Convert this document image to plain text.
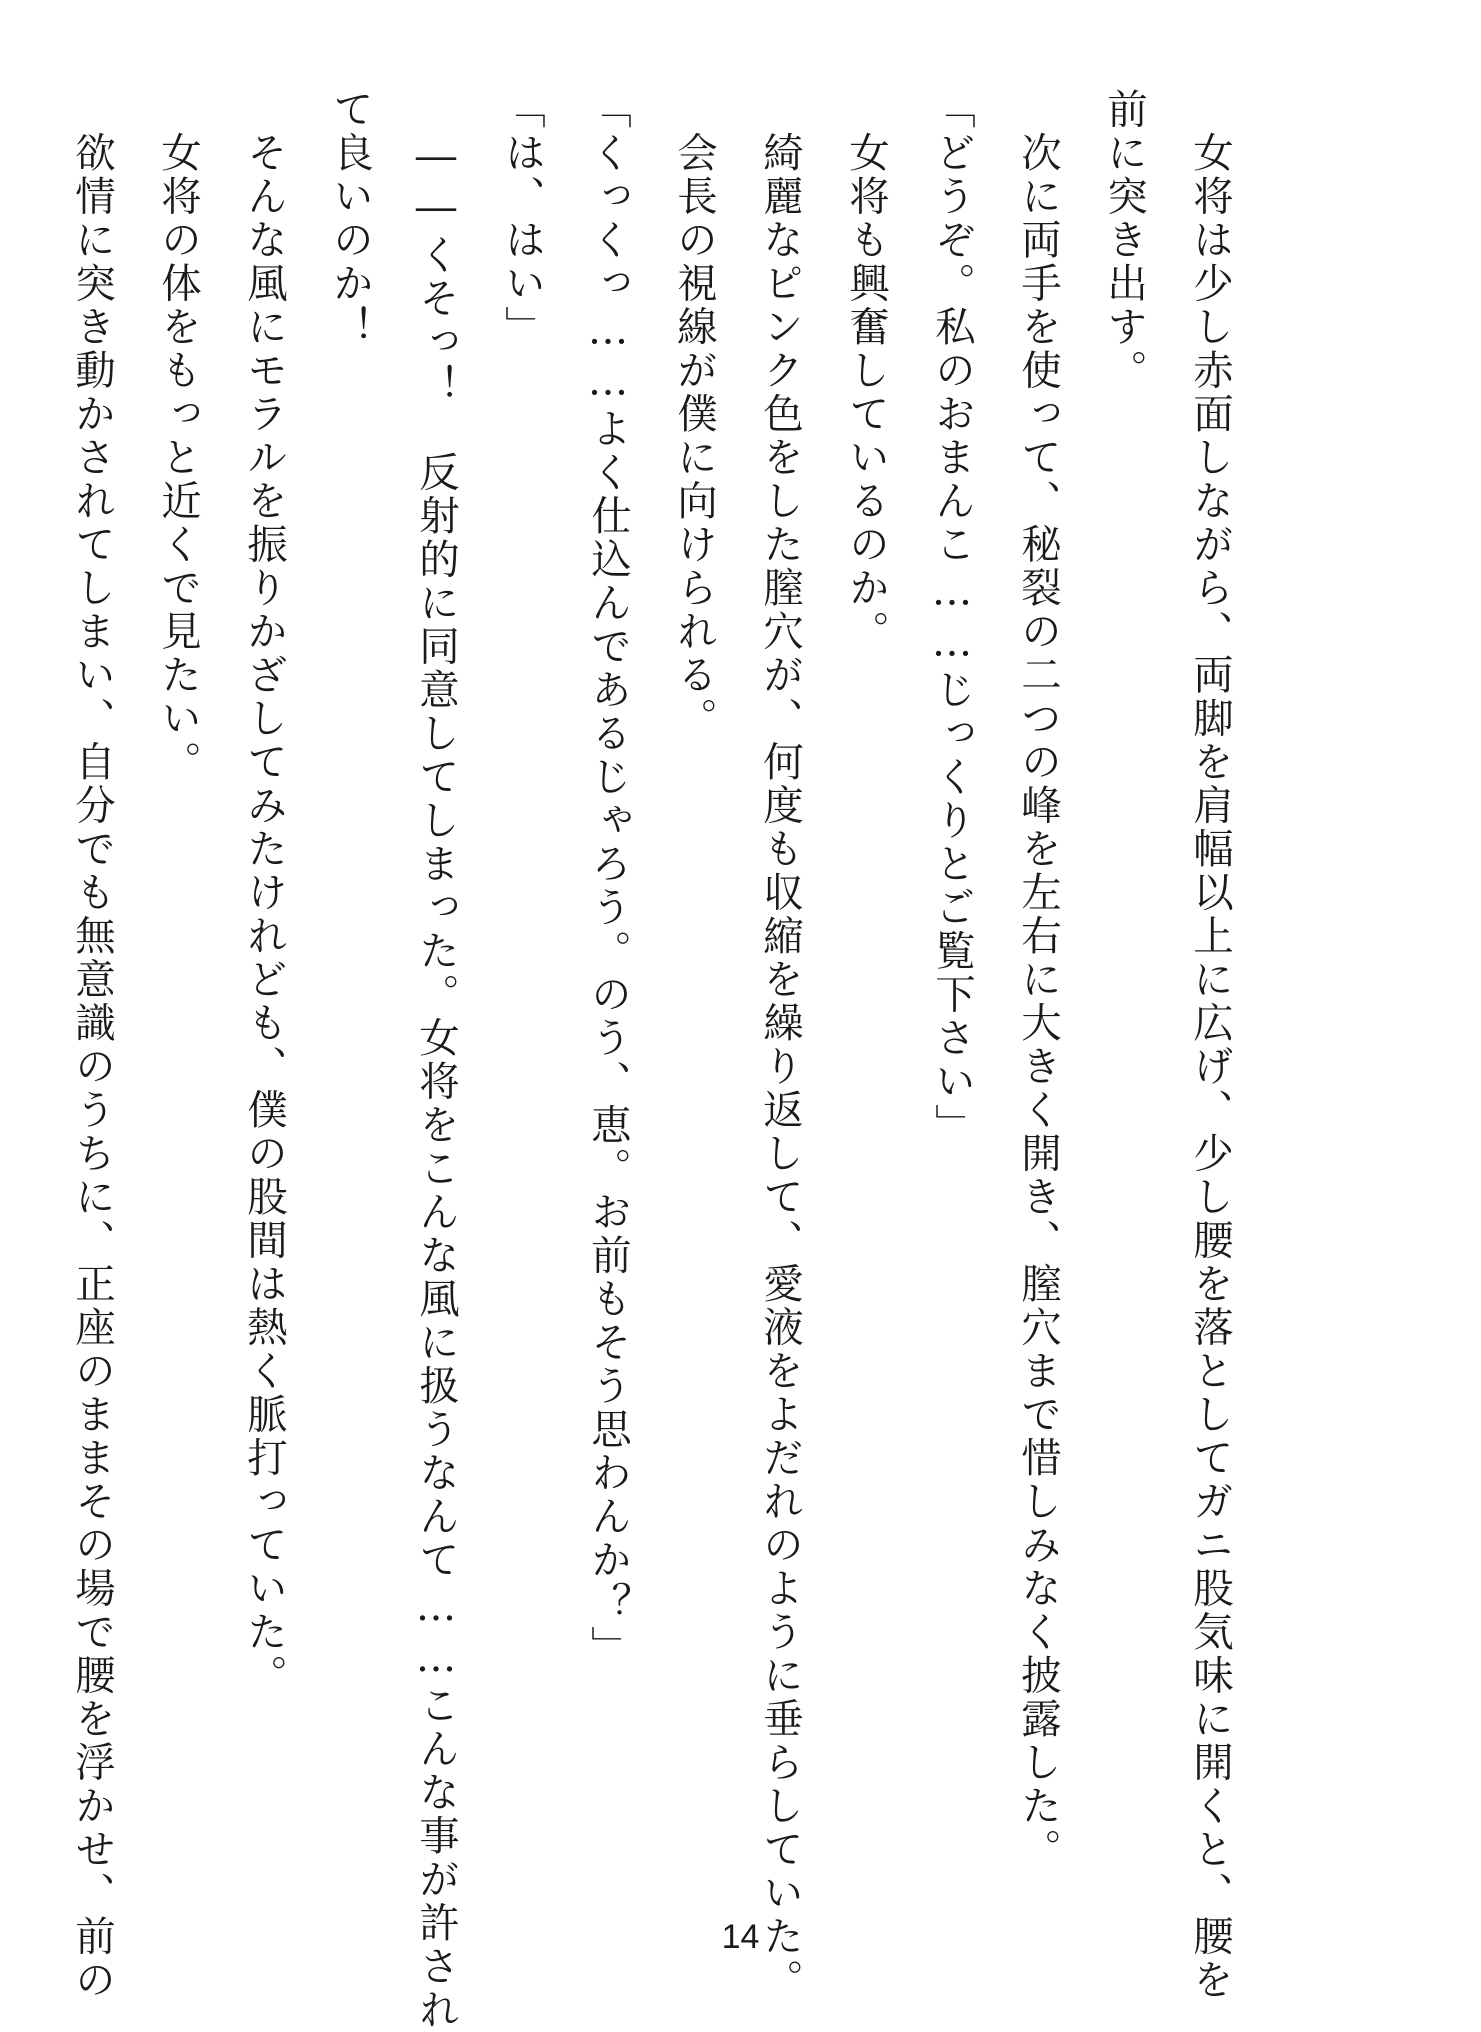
　女将は少し赤面しながら、両脚を肩幅以上に広げ、少し腰を落としてガニ股気味に開くと、腰を
前に突き出す。
　次に両手を使って、秘裂の二つの峰を左右に大きく開き、膣穴まで惜しみなく披露した。
「どうぞ。私のおまんこ……じっくりとご覧下さい」
　女将も興奮しているのか。
　綺麗なピンク色をした膣穴が、何度も収縮を繰り返して、愛液をよだれのように垂らしていた。
　会長の視線が僕に向けられる。
「くっくっ……よく仕込んであるじゃろう。のう、恵。お前もそう思わんか？」
「は、はい」
　――くそっ！　反射的に同意してしまった。女将をこんな風に扱うなんて……こんな事が許され
て良いのか！
　そんな風にモラルを振りかざしてみたけれども、僕の股間は熱く脈打っていた。
　女将の体をもっと近くで見たい。
　欲情に突き動かされてしまい、自分でも無意識のうちに、正座のままその場で腰を浮かせ、前の	14
